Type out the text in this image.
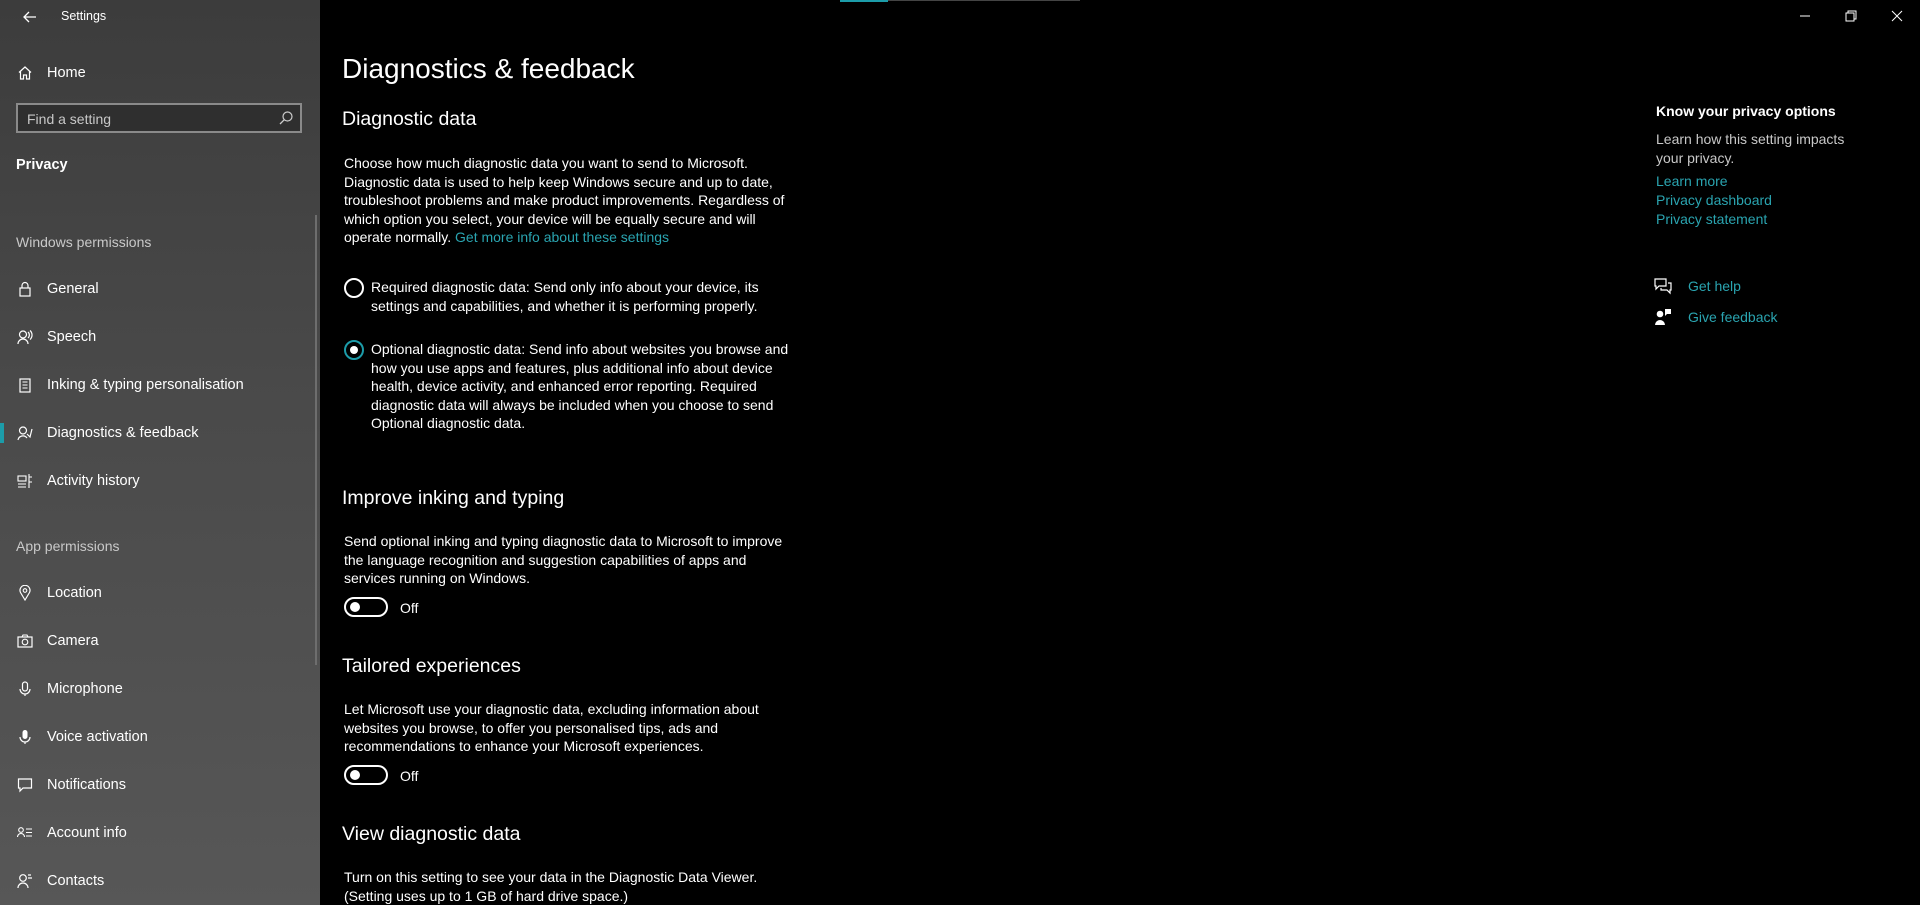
Settings
Home
Find a setting
Privacy
Windows permissions
General
Speech
Inking & typing personalisation
Diagnostics & feedback
Activity history
App permissions
Location
Camera
Microphone
Voice activation
Notifications
Account info
Contacts
Diagnostics & feedback
Diagnostic data
Choose how much diagnostic data you want to send to Microsoft. Diagnostic data is used to help keep Windows secure and up to date, troubleshoot problems and make product improvements. Regardless of which option you select, your device will be equally secure and will operate normally. Get more info about these settings
Required diagnostic data: Send only info about your device, its settings and capabilities, and whether it is performing properly.
Optional diagnostic data: Send info about websites you browse and how you use apps and features, plus additional info about device health, device activity, and enhanced error reporting. Required diagnostic data will always be included when you choose to send Optional diagnostic data.
Improve inking and typing
Send optional inking and typing diagnostic data to Microsoft to improve the language recognition and suggestion capabilities of apps and services running on Windows.
Off
Tailored experiences
Let Microsoft use your diagnostic data, excluding information about websites you browse, to offer you personalised tips, ads and recommendations to enhance your Microsoft experiences.
Off
View diagnostic data
Turn on this setting to see your data in the Diagnostic Data Viewer. (Setting uses up to 1 GB of hard drive space.)
Know your privacy options
Learn how this setting impacts your privacy.
Learn more
Privacy dashboard
Privacy statement
Get help
Give feedback
